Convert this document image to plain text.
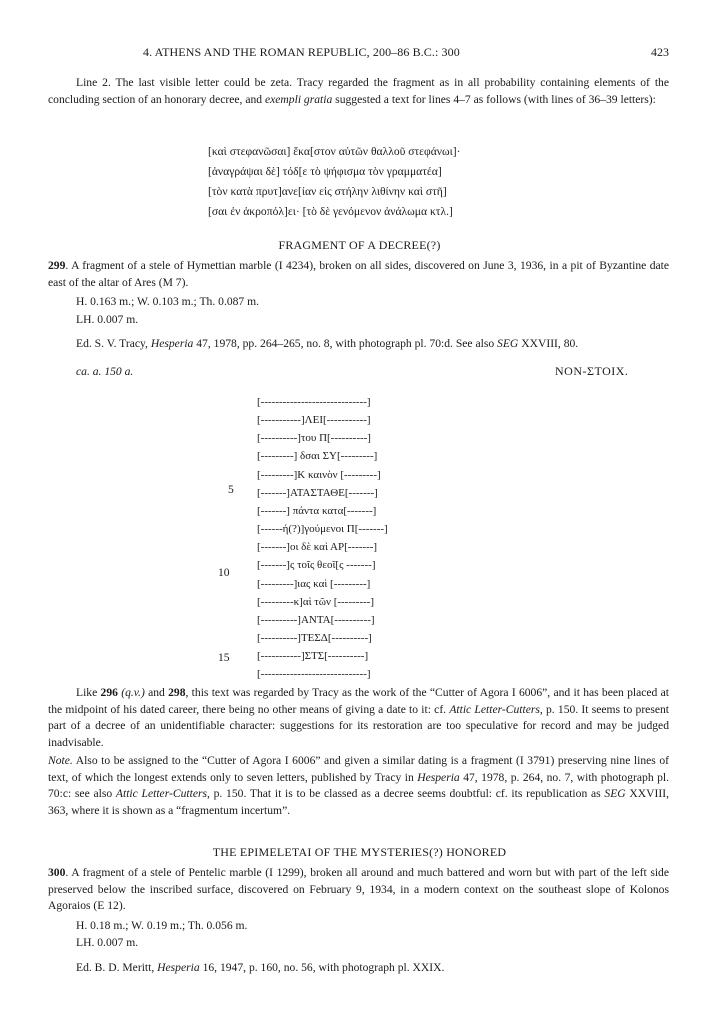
4. ATHENS AND THE ROMAN REPUBLIC, 200–86 B.C.: 300	423
Line 2. The last visible letter could be zeta. Tracy regarded the fragment as in all probability containing elements of the concluding section of an honorary decree, and exempli gratia suggested a text for lines 4–7 as follows (with lines of 36–39 letters):
[καὶ στεφανῶσαι] ἕκα[στον αὐτῶν θαλλοῦ στεφάνωι]·
[ἀναγράψαι δὲ] τόδ[ε τὸ ψήφισμα τὸν γραμματέα]
[τὸν κατὰ πρυτ]ανε[ίαν εἰς στήλην λιθίνην καὶ στῆ]
[σαι ἐν ἀκροπόλ]ει· [τὸ δὲ γενόμενον ἀνάλωμα κτλ.]
FRAGMENT OF A DECREE(?)
299. A fragment of a stele of Hymettian marble (I 4234), broken on all sides, discovered on June 3, 1936, in a pit of Byzantine date east of the altar of Ares (M 7).
H. 0.163 m.; W. 0.103 m.; Th. 0.087 m.
LH. 0.007 m.
Ed. S. V. Tracy, Hesperia 47, 1978, pp. 264–265, no. 8, with photograph pl. 70:d. See also SEG XXVIII, 80.
ca. a. 150 a.	NON-ΣΤΟΙΧ.
[-----------------------------]
[-----------]ΛΕΙ[-----------]
[----------]του Π[----------]
[---------] δσαι ΣΥ[---------]
[---------]Κ καινὸν [---------]
[-------]ΑΤΑΣΤΑΘΕ[-------]
[-------] πάντα κατα[-------]
[------ή(?)]γούμενοι Π[-------]
[-------]οι δὲ καὶ ΑΡ[-------]
[-------]ς τοῖς θεοῖ[ς -------]
[---------]ιας καὶ [---------]
[---------κ]αὶ τῶν [---------]
[----------]ΑΝΤΑ[----------]
[----------]ΤΕΣΔ[----------]
[-----------]ΣΤΣ[----------]
[-----------------------------]
5
10
15
Like 296 (q.v.) and 298, this text was regarded by Tracy as the work of the “Cutter of Agora I 6006”, and it has been placed at the midpoint of his dated career, there being no other means of giving a date to it: cf. Attic Letter-Cutters, p. 150. It seems to present part of a decree of an unidentifiable character: suggestions for its restoration are too speculative for record and may be judged inadvisable.
Note. Also to be assigned to the “Cutter of Agora I 6006” and given a similar dating is a fragment (I 3791) preserving nine lines of text, of which the longest extends only to seven letters, published by Tracy in Hesperia 47, 1978, p. 264, no. 7, with photograph pl. 70:c: see also Attic Letter-Cutters, p. 150. That it is to be classed as a decree seems doubtful: cf. its republication as SEG XXVIII, 363, where it is shown as a “fragmentum incertum”.
THE EPIMELETAI OF THE MYSTERIES(?) HONORED
300. A fragment of a stele of Pentelic marble (I 1299), broken all around and much battered and worn but with part of the left side preserved below the inscribed surface, discovered on February 9, 1934, in a modern context on the southeast slope of Kolonos Agoraios (E 12).
H. 0.18 m.; W. 0.19 m.; Th. 0.056 m.
LH. 0.007 m.
Ed. B. D. Meritt, Hesperia 16, 1947, p. 160, no. 56, with photograph pl. XXIX.
